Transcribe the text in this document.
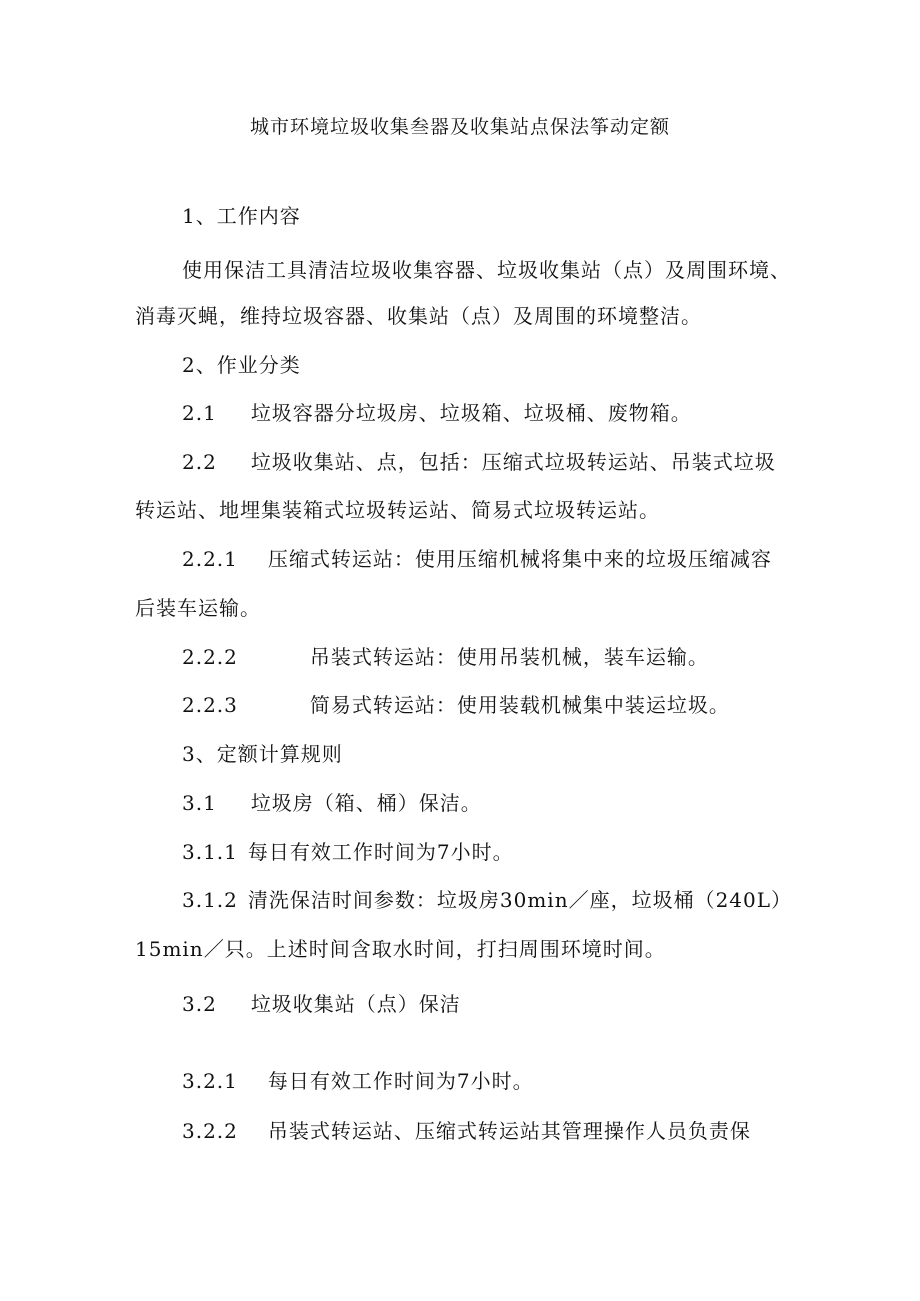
城市环境垃圾收集叁器及收集站点保法筝动定额
1、工作内容
使用保洁工具清洁垃圾收集容器、垃圾收集站（点）及周围环境、
消毒灭蝇，维持垃圾容器、收集站（点）及周围的环境整洁。
2、作业分类
2.1 垃圾容器分垃圾房、垃圾箱、垃圾桶、废物箱。
2.2 垃圾收集站、点，包括：压缩式垃圾转运站、吊装式垃圾
转运站、地埋集装箱式垃圾转运站、简易式垃圾转运站。
2.2.1 压缩式转运站：使用压缩机械将集中来的垃圾压缩减容
后装车运输。
2.2.2	吊装式转运站：使用吊装机械，装车运输。
2.2.3	简易式转运站：使用装载机械集中装运垃圾。
3、定额计算规则
3.1 垃圾房（箱、桶）保洁。
3.1.1 每日有效工作时间为7小时。
3.1.2 清洗保洁时间参数：垃圾房30min／座，垃圾桶（240L）
15min／只。上述时间含取水时间，打扫周围环境时间。
3.2 垃圾收集站（点）保洁
3.2.1 每日有效工作时间为7小时。
3.2.2 吊装式转运站、压缩式转运站其管理操作人员负责保
